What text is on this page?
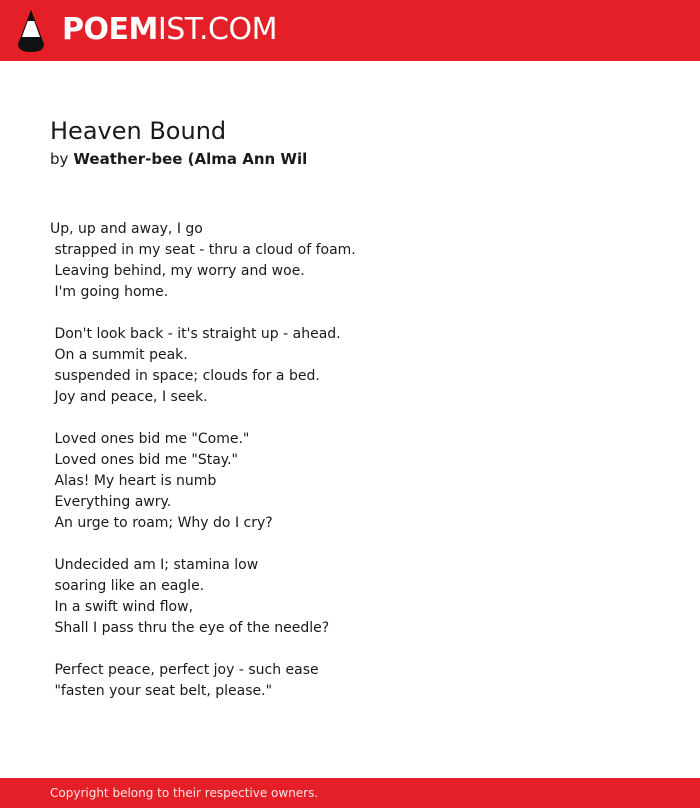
POEMIST.COM
Heaven Bound
by Weather-bee (Alma Ann Wil
Up, up and away, I go
strapped in my seat - thru a cloud of foam.
Leaving behind, my worry and woe.
I'm going home.
Don't look back - it's straight up - ahead.
On a summit peak.
suspended in space; clouds for a bed.
Joy and peace, I seek.
Loved ones bid me "Come."
Loved ones bid me "Stay."
Alas! My heart is numb
Everything awry.
An urge to roam; Why do I cry?
Undecided am I; stamina low
soaring like an eagle.
In a swift wind flow,
Shall I pass thru the eye of the needle?
Perfect peace, perfect joy - such ease
"fasten your seat belt, please."
Copyright belong to their respective owners.
